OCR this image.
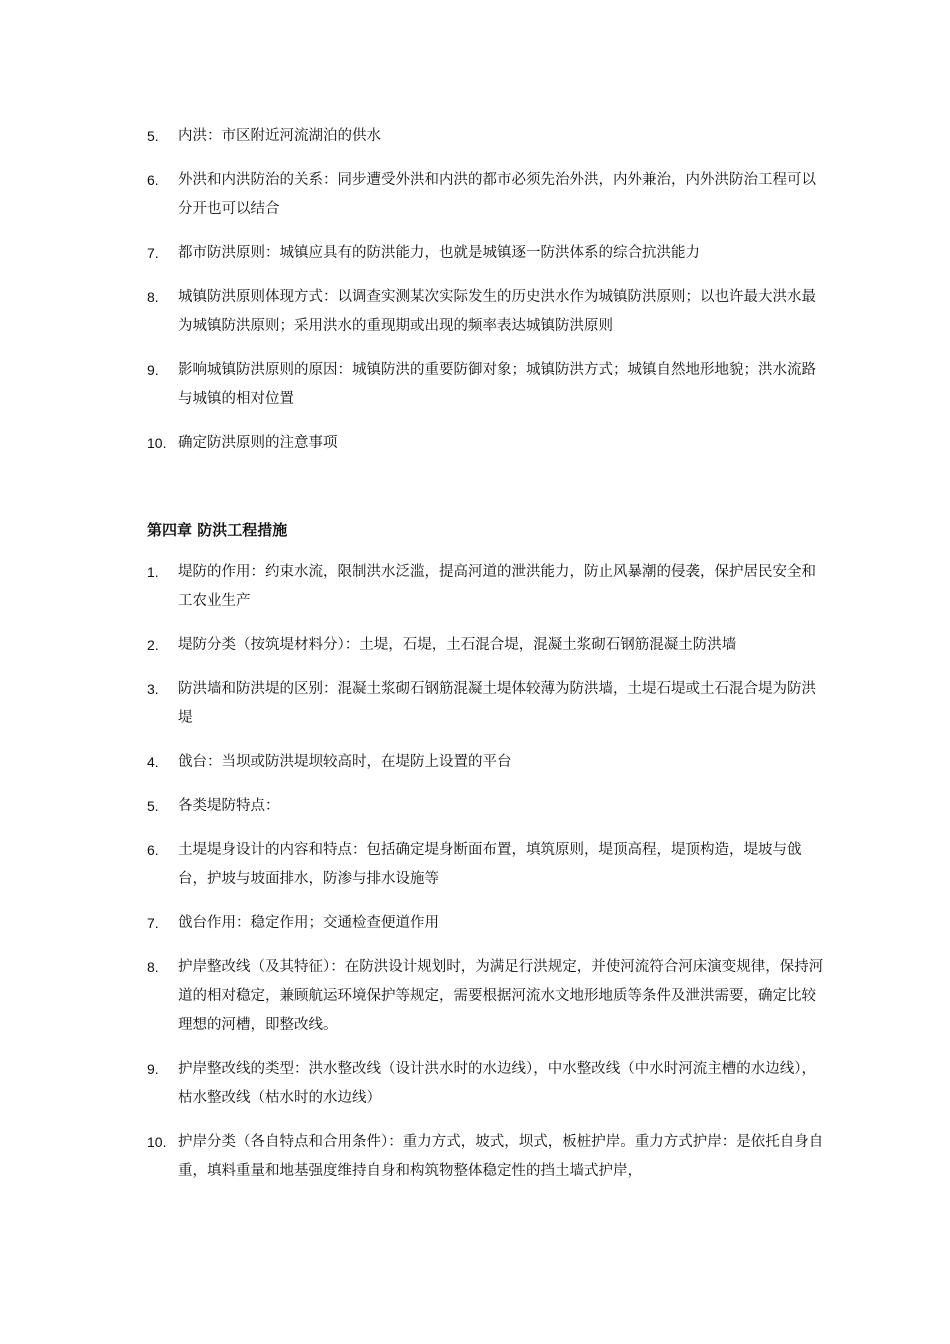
5.	内洪：市区附近河流湖泊的供水
6.	外洪和内洪防治的关系：同步遭受外洪和内洪的都市必须先治外洪，内外兼治，内外洪防治工程可以分开也可以结合
7.	都市防洪原则：城镇应具有的防洪能力，也就是城镇逐一防洪体系的综合抗洪能力
8.	城镇防洪原则体现方式：以调查实测某次实际发生的历史洪水作为城镇防洪原则；以也许最大洪水最为城镇防洪原则；采用洪水的重现期或出现的频率表达城镇防洪原则
9.	影响城镇防洪原则的原因：城镇防洪的重要防御对象；城镇防洪方式；城镇自然地形地貌；洪水流路与城镇的相对位置
10. 确定防洪原则的注意事项
第四章 防洪工程措施
1.	堤防的作用：约束水流，限制洪水泛滥，提高河道的泄洪能力，防止风暴潮的侵袭，保护居民安全和工农业生产
2.	堤防分类（按筑堤材料分）：土堤，石堤，土石混合堤，混凝土浆砌石钢筋混凝土防洪墙
3.	防洪墙和防洪堤的区别：混凝土浆砌石钢筋混凝土堤体较薄为防洪墙，土堤石堤或土石混合堤为防洪堤
4.	戗台：当坝或防洪堤坝较高时，在堤防上设置的平台
5.	各类堤防特点：
6.	土堤堤身设计的内容和特点：包括确定堤身断面布置，填筑原则，堤顶高程，堤顶构造，堤坡与戗台，护坡与坡面排水，防渗与排水设施等
7.	戗台作用：稳定作用；交通检查便道作用
8.	护岸整改线（及其特征）：在防洪设计规划时，为满足行洪规定，并使河流符合河床演变规律，保持河道的相对稳定，兼顾航运环境保护等规定，需要根据河流水文地形地质等条件及泄洪需要，确定比较理想的河槽，即整改线。
9.	护岸整改线的类型：洪水整改线（设计洪水时的水边线），中水整改线（中水时河流主槽的水边线），枯水整改线（枯水时的水边线）
10. 护岸分类（各自特点和合用条件）：重力方式，坡式，坝式，板桩护岸。重力方式护岸：是依托自身自重，填料重量和地基强度维持自身和构筑物整体稳定性的挡土墙式护岸，
